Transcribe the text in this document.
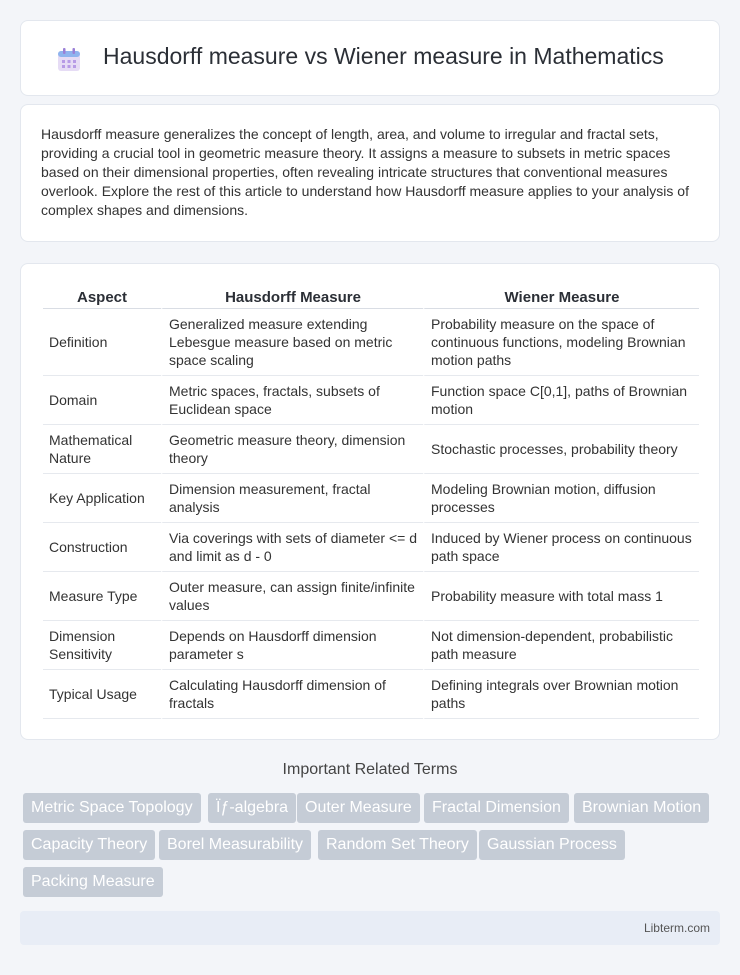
Hausdorff measure vs Wiener measure in Mathematics

Hausdorff measure generalizes the concept of length, area, and volume to irregular and fractal sets, providing a crucial tool in geometric measure theory. It assigns a measure to subsets in metric spaces based on their dimensional properties, often revealing intricate structures that conventional measures overlook. Explore the rest of this article to understand how Hausdorff measure applies to your analysis of complex shapes and dimensions.

Aspect	Hausdorff Measure	Wiener Measure
Definition	Generalized measure extending Lebesgue measure based on metric space scaling	Probability measure on the space of continuous functions, modeling Brownian motion paths
Domain	Metric spaces, fractals, subsets of Euclidean space	Function space C[0,1], paths of Brownian motion
Mathematical Nature	Geometric measure theory, dimension theory	Stochastic processes, probability theory
Key Application	Dimension measurement, fractal analysis	Modeling Brownian motion, diffusion processes
Construction	Via coverings with sets of diameter <= d and limit as d - 0	Induced by Wiener process on continuous path space
Measure Type	Outer measure, can assign finite/infinite values	Probability measure with total mass 1
Dimension Sensitivity	Depends on Hausdorff dimension parameter s	Not dimension-dependent, probabilistic path measure
Typical Usage	Calculating Hausdorff dimension of fractals	Defining integrals over Brownian motion paths
Important Related Terms
Metric Space Topology	Ïƒ-algebra	Outer Measure	Fractal Dimension	Brownian Motion
Capacity Theory	Borel Measurability	Random Set Theory	Gaussian Process
Packing Measure
Libterm.com
